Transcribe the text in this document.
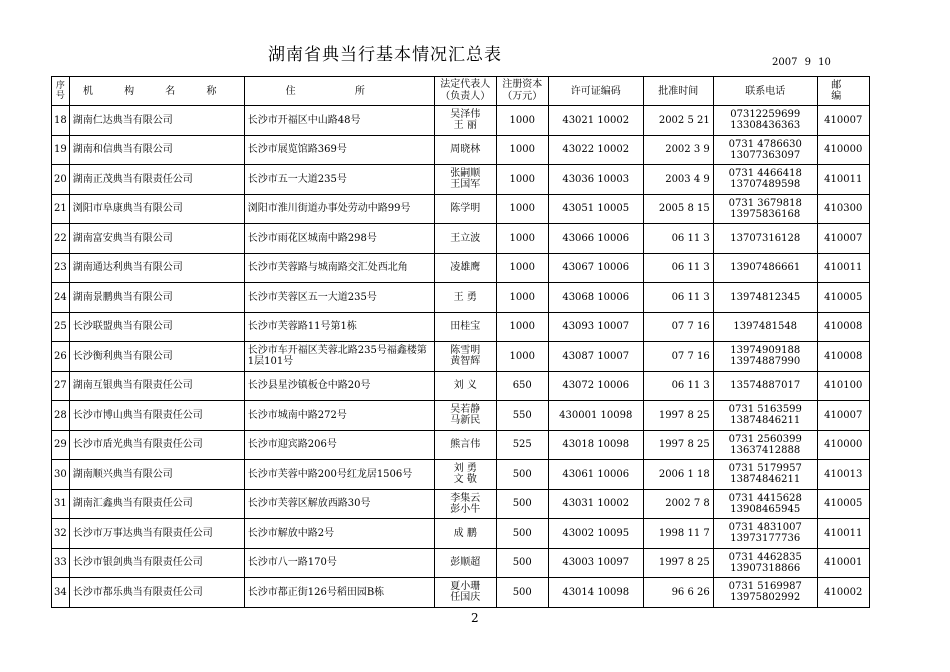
湖南省典当行基本情况汇总表	2007 9 10
序号	机 构 名 称	住 所	法定代表人（负责人）	注册资本（万元）	许可证编码	批准时间	联系电话	邮 编
18	湖南仁达典当有限公司	长沙市开福区中山路48号	吴泽伟
王 丽	1000	43021 10002	2002 5 21	07312259699
13308436363	410007
19	湖南和信典当有限公司	长沙市展览馆路369号	周晓林	1000	43022 10002	2002 3 9	0731 4786630
13077363097	410000
20	湖南正茂典当有限责任公司	长沙市五一大道235号	张嗣顺
王国军	1000	43036 10003	2003 4 9	0731 4466418
13707489598	410011
21	浏阳市阜康典当有限公司	浏阳市淮川街道办事处劳动中路99号	陈学明	1000	43051 10005	2005 8 15	0731 3679818
13975836168	410300
22	湖南富安典当有限公司	长沙市雨花区城南中路298号	王立波	1000	43066 10006	06 11 3	13707316128	410007
23	湖南通达利典当有限公司	长沙市芙蓉路与城南路交汇处西北角	凌雄鹰	1000	43067 10006	06 11 3	13907486661	410011
24	湖南景鹏典当有限公司	长沙市芙蓉区五一大道235号	王 勇	1000	43068 10006	06 11 3	13974812345	410005
25	长沙联盟典当有限公司	长沙市芙蓉路11号第1栋	田桂宝	1000	43093 10007	07 7 16	1397481548	410008
26	长沙衡利典当有限公司	长沙市车开福区芙蓉北路235号福鑫楼第1层101号	陈雪明
黄智辉	1000	43087 10007	07 7 16	13974909188
13974887990	410008
27	湖南互银典当有限责任公司	长沙县星沙镇板仓中路20号	刘 义	650	43072 10006	06 11 3	13574887017	410100
28	长沙市博山典当有限责任公司	长沙市城南中路272号	吴若静
马新民	550	430001 10098	1997 8 25	0731 5163599
13874846211	410007
29	长沙市盾光典当有限责任公司	长沙市迎宾路206号	熊言伟	525	43018 10098	1997 8 25	0731 2560399
13637412888	410000
30	湖南顺兴典当有限公司	长沙市芙蓉中路200号红龙居1506号	刘 勇
文 敬	500	43061 10006	2006 1 18	0731 5179957
13874846211	410013
31	湖南汇鑫典当有限责任公司	长沙市芙蓉区解放西路30号	李集云
彭小牛	500	43031 10002	2002 7 8	0731 4415628
13908465945	410005
32	长沙市万事达典当有限责任公司	长沙市解放中路2号	成 鹏	500	43002 10095	1998 11 7	0731 4831007
13973177736	410011
33	长沙市银剑典当有限责任公司	长沙市八一路170号	彭顺超	500	43003 10097	1997 8 25	0731 4462835
13907318866	410001
34	长沙市都乐典当有限责任公司	长沙市都正街126号稻田园B栋	夏小珊
任国庆	500	43014 10098	96 6 26	0731 5169987
13975802992	410002
2
